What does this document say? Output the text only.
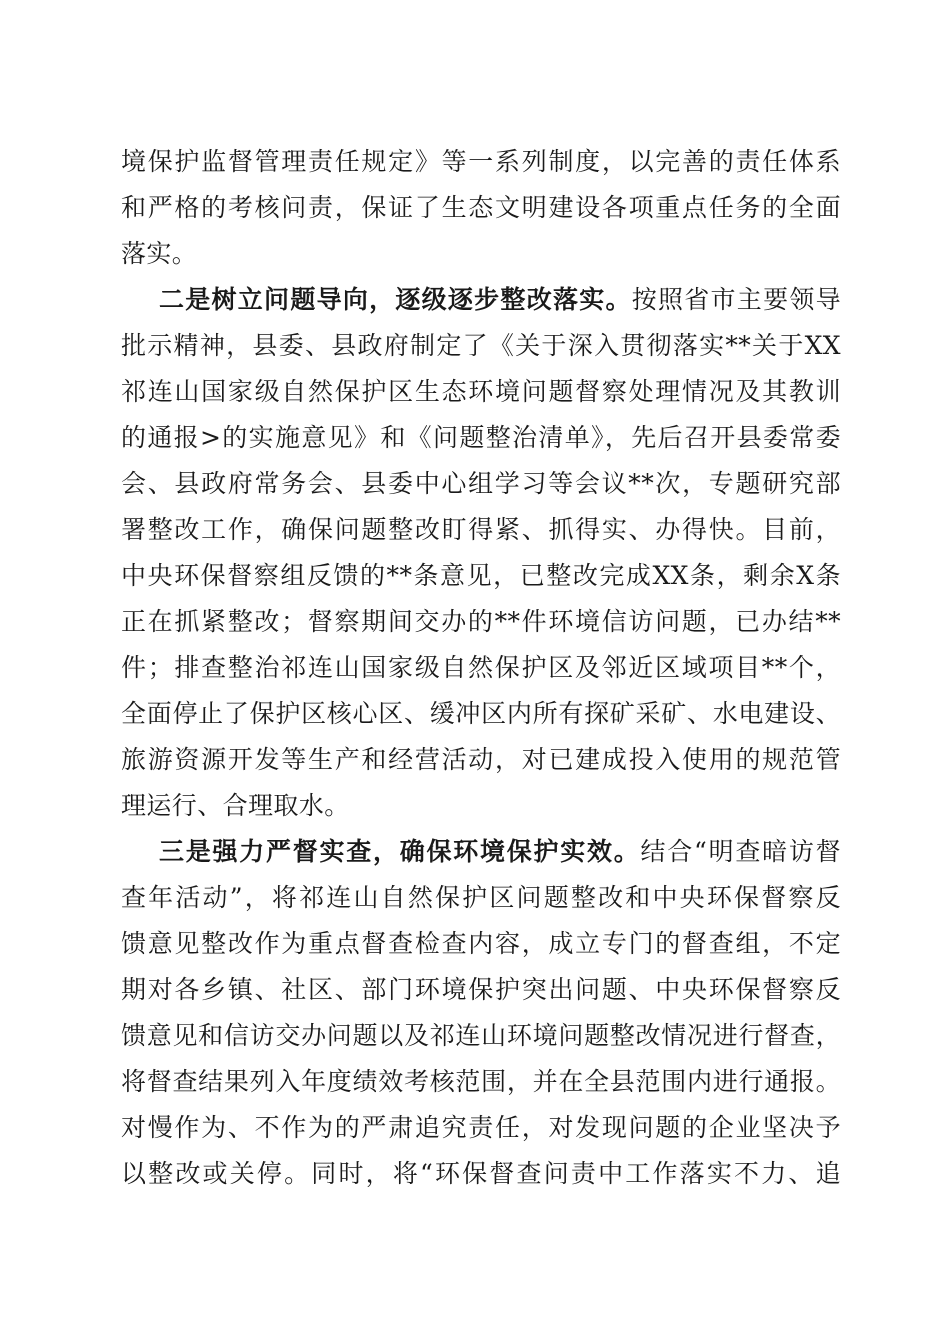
境保护监督管理责任规定》等一系列制度，以完善的责任体系
和严格的考核问责，保证了生态文明建设各项重点任务的全面
落实。
二是树立问题导向，逐级逐步整改落实。按照省市主要领导
批示精神，县委、县政府制定了《关于深入贯彻落实**关于XX
祁连山国家级自然保护区生态环境问题督察处理情况及其教训
的通报>的实施意见》和《问题整治清单》，先后召开县委常委
会、县政府常务会、县委中心组学习等会议**次，专题研究部
署整改工作，确保问题整改盯得紧、抓得实、办得快。目前，
中央环保督察组反馈的**条意见，已整改完成XX条，剩余X条
正在抓紧整改；督察期间交办的**件环境信访问题，已办结**
件；排查整治祁连山国家级自然保护区及邻近区域项目**个，
全面停止了保护区核心区、缓冲区内所有探矿采矿、水电建设、
旅游资源开发等生产和经营活动，对已建成投入使用的规范管
理运行、合理取水。
三是强力严督实查，确保环境保护实效。结合“明查暗访督
查年活动”，将祁连山自然保护区问题整改和中央环保督察反
馈意见整改作为重点督查检查内容，成立专门的督查组，不定
期对各乡镇、社区、部门环境保护突出问题、中央环保督察反
馈意见和信访交办问题以及祁连山环境问题整改情况进行督查，
将督查结果列入年度绩效考核范围，并在全县范围内进行通报。
对慢作为、不作为的严肃追究责任，对发现问题的企业坚决予
以整改或关停。同时，将“环保督查问责中工作落实不力、追
